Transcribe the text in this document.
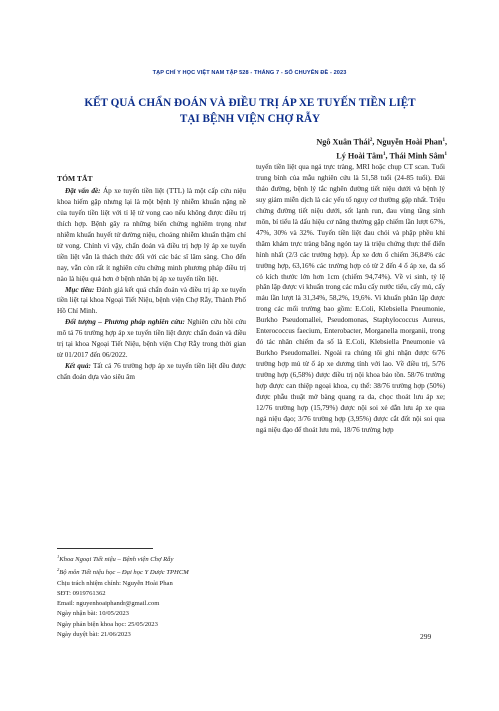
TẠP CHÍ Y HỌC VIỆT NAM TẬP 528 - THÁNG 7 - SỐ CHUYÊN ĐỀ - 2023
KẾT QUẢ CHẨN ĐOÁN VÀ ĐIỀU TRỊ ÁP XE TUYẾN TIỀN LIỆT
TẠI BỆNH VIỆN CHỢ RẪY
Ngô Xuân Thái$^2$, Nguyễn Hoài Phan$^1$,
Lý Hoài Tâm$^1$, Thái Minh Sâm$^1$

TÓM TẮT

Đặt vấn đề: Áp xe tuyến tiền liệt (TTL) là một cấp cứu niệu khoa hiếm gặp nhưng lại là một bệnh lý nhiễm khuẩn nặng nề của tuyến tiền liệt với tỉ lệ tử vong cao nếu không được điều trị thích hợp. Bệnh gây ra những biến chứng nghiêm trọng như nhiễm khuẩn huyết tử đường niệu, choáng nhiễm khuẩn thậm chí tử vong. Chính vì vậy, chẩn đoán và điều trị hợp lý áp xe tuyến tiền liệt vẫn là thách thức đối với các bác sĩ lâm sàng. Cho đến nay, vẫn còn rất ít nghiên cứu chứng minh phương pháp điều trị nào là hiệu quả hơn ở bệnh nhân bị áp xe tuyến tiền liệt.

Mục tiêu: Đánh giá kết quả chẩn đoán và điều trị áp xe tuyến tiền liệt tại khoa Ngoại Tiết Niệu, bệnh viện Chợ Rẫy, Thành Phố Hồ Chí Minh.

Đối tượng – Phương pháp nghiên cứu: Nghiên cứu hồi cứu mô tả 76 trường hợp áp xe tuyến tiền liệt được chẩn đoán và điều trị tại khoa Ngoại Tiết Niệu, bệnh viện Chợ Rẫy trong thời gian từ 01/2017 đến 06/2022.

Kết quả: Tất cả 76 trường hợp áp xe tuyến tiền liệt đều được chẩn đoán dựa vào siêu âm

tuyến tiền liệt qua ngả trực tràng, MRI hoặc chụp CT scan. Tuổi trung bình của mẫu nghiên cứu là 51,58 tuổi (24-85 tuổi). Đái tháo đường, bệnh lý tắc nghẽn đường tiết niệu dưới và bệnh lý suy giảm miễn dịch là các yếu tố nguy cơ thường gặp nhất. Triệu chứng đường tiết niệu dưới, sốt lạnh run, đau vùng tầng sinh môn, bí tiểu là dấu hiệu cơ năng thường gặp chiếm lần lượt 67%, 47%, 30% và 32%. Tuyến tiền liệt đau chói và phập phều khi thăm khám trực tràng bằng ngón tay là triệu chứng thực thể điển hình nhất (2/3 các trường hợp). Áp xe đơn ổ chiếm 36,84% các trường hợp, 63,16% các trường hợp có từ 2 đến 4 ổ áp xe, đa số có kích thước lớn hơn 1cm (chiếm 94,74%). Về vi sinh, tỷ lệ phân lập được vi khuẩn trong các mẫu cấy nước tiểu, cấy mủ, cấy máu lần lượt là 31,34%, 58,2%, 19,6%. Vi khuẩn phân lập được trong các mối trường bao gồm: E.Coli, Klebsiella Pneumonie, Burkho Pseudomallei, Pseudomonas, Staphylococcus Aureus, Enterococcus faecium, Enterobacter, Morganella morganii, trong đó tác nhân chiếm đa số là E.Coli, Klebsiella Pneumonie và Burkho Pseudomallei. Ngoài ra chúng tôi ghi nhận được 6/76 trường hợp mủ từ ổ áp xe dương tính với lao. Về điều trị, 5/76 trường hợp (6,58%) được điều trị nội khoa bảo tồn. 58/76 trường hợp được can thiệp ngoại khoa, cụ thể: 38/76 trường hợp (50%) được phẫu thuật mở bàng quang ra da, chọc thoát lưu áp xe; 12/76 trường hợp (15,79%) được nội soi xẻ dẫn lưu áp xe qua ngả niệu đạo; 3/76 trường hợp (3,95%) được cắt đốt nội soi qua ngả niệu đạo để thoát lưu mủ, 18/76 trường hợp

$^1$Khoa Ngoại Tiết niệu – Bệnh viện Chợ Rẫy

$^2$Bộ môn Tiết niệu học – Đại học Y Dược TPHCM

Chịu trách nhiệm chính: Nguyễn Hoài Phan

SĐT: 0919761362

Email: nguyenhoaiphandr@gmail.com

Ngày nhận bài: 10/05/2023

Ngày phản biện khoa học: 25/05/2023

Ngày duyệt bài: 21/06/2023	299
